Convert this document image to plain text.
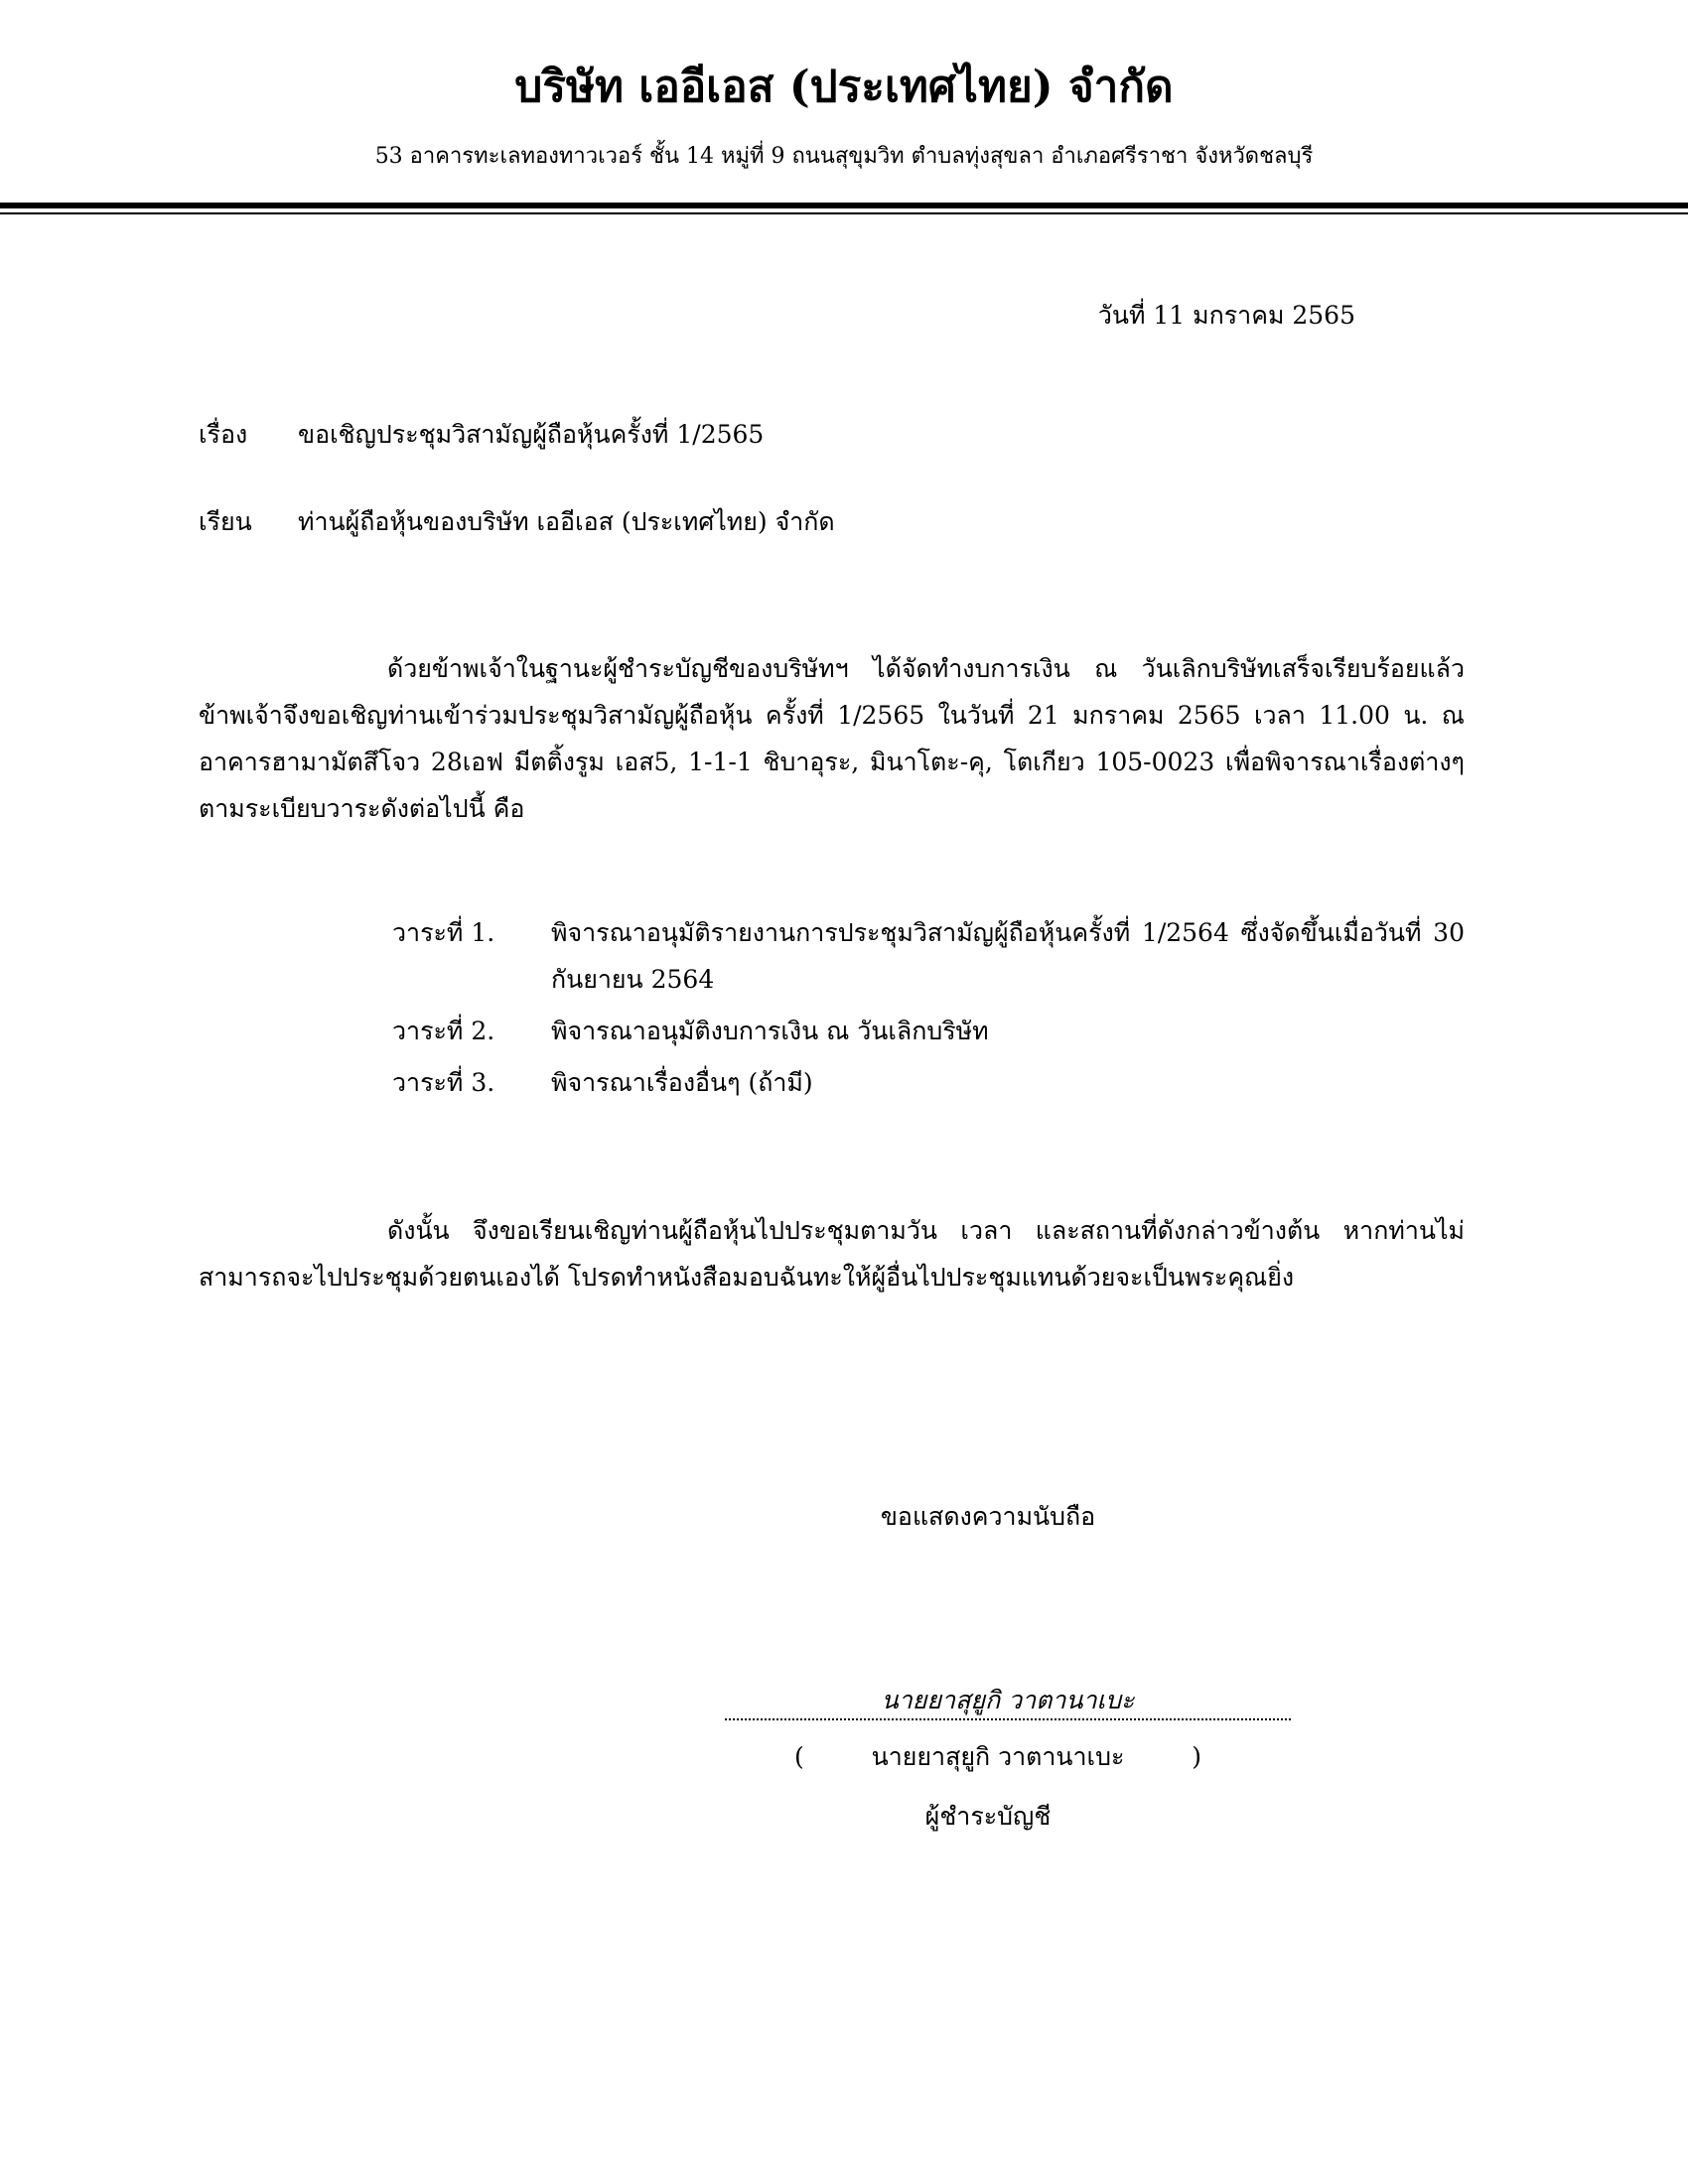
บริษัท เออีเอส (ประเทศไทย) จำกัด
53 อาคารทะเลทองทาวเวอร์ ชั้น 14 หมู่ที่ 9 ถนนสุขุมวิท ตำบลทุ่งสุขลา อำเภอศรีราชา จังหวัดชลบุรี
วันที่ 11 มกราคม 2565
เรื่อง ขอเชิญประชุมวิสามัญผู้ถือหุ้นครั้งที่ 1/2565
เรียน ท่านผู้ถือหุ้นของบริษัท เออีเอส (ประเทศไทย) จำกัด
ด้วยข้าพเจ้าในฐานะผู้ชำระบัญชีของบริษัทฯ ได้จัดทำงบการเงิน ณ วันเลิกบริษัทเสร็จเรียบร้อยแล้ว ข้าพเจ้าจึงขอเชิญท่านเข้าร่วมประชุมวิสามัญผู้ถือหุ้น ครั้งที่ 1/2565 ในวันที่ 21 มกราคม 2565 เวลา 11.00 น. ณ อาคารฮามามัตสึโจว 28เอฟ มีตติ้งรูม เอส5, 1-1-1 ชิบาอุระ, มินาโตะ-คุ, โตเกียว 105-0023 เพื่อพิจารณาเรื่องต่างๆ ตามระเบียบวาระดังต่อไปนี้ คือ
วาระที่ 1.	พิจารณาอนุมัติรายงานการประชุมวิสามัญผู้ถือหุ้นครั้งที่ 1/2564 ซึ่งจัดขึ้นเมื่อวันที่ 30 กันยายน 2564
วาระที่ 2.	พิจารณาอนุมัติงบการเงิน ณ วันเลิกบริษัท
วาระที่ 3.	พิจารณาเรื่องอื่นๆ (ถ้ามี)
ดังนั้น จึงขอเรียนเชิญท่านผู้ถือหุ้นไปประชุมตามวัน เวลา และสถานที่ดังกล่าวข้างต้น หากท่านไม่สามารถจะไปประชุมด้วยตนเองได้ โปรดทำหนังสือมอบฉันทะให้ผู้อื่นไปประชุมแทนด้วยจะเป็นพระคุณยิ่ง
ขอแสดงความนับถือ
นายยาสุยูกิ วาตานาเบะ
(	นายยาสุยูกิ วาตานาเบะ	)
ผู้ชำระบัญชี
